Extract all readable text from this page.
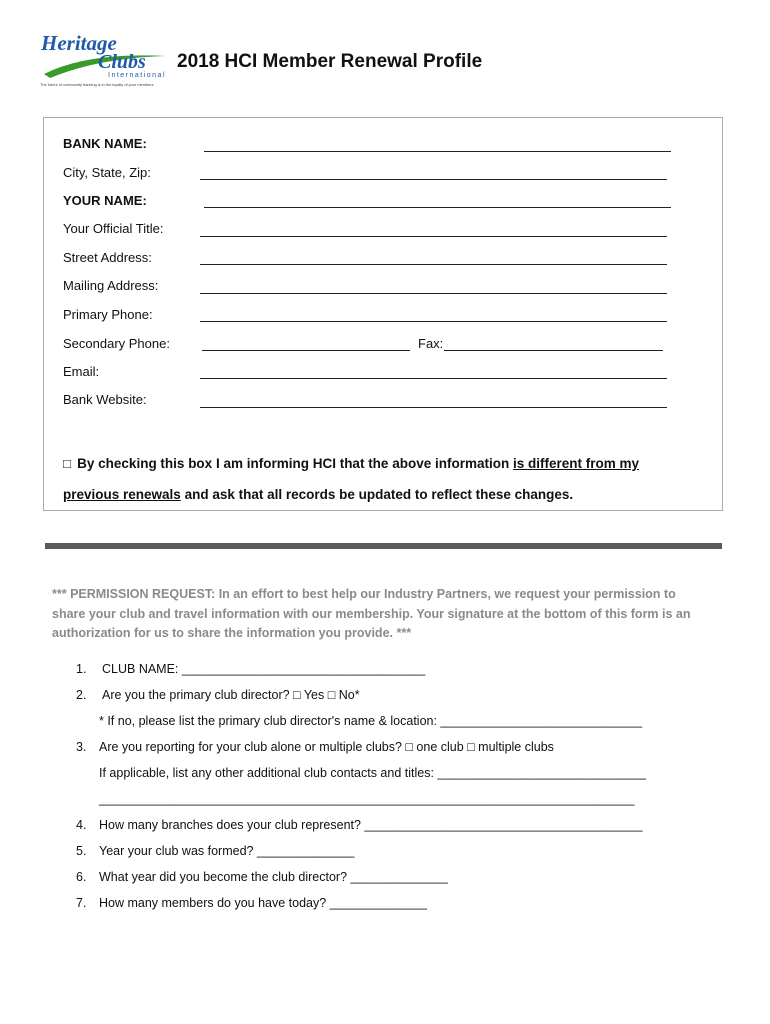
Heritage
Clubs
International
The future of community banking is in the loyalty of your members
2018 HCI Member Renewal Profile
BANK NAME:
City, State, Zip:
YOUR NAME:
Your Official Title:
Street Address:
Mailing Address:
Primary Phone:
Secondary Phone:	Fax:
Email:
Bank Website:
□ By checking this box I am informing HCI that the above information is different from my
previous renewals and ask that all records be updated to reflect these changes.
*** PERMISSION REQUEST: In an effort to best help our Industry Partners, we request your permission to share your club and travel information with our membership. Your signature at the bottom of this form is an authorization for us to share the information you provide. ***
1. CLUB NAME: ___________________________________
2. Are you the primary club director? □ Yes □ No*
* If no, please list the primary club director's name & location: _____________________________
3. Are you reporting for your club alone or multiple clubs? □ one club □ multiple clubs
If applicable, list any other additional club contacts and titles: ______________________________
_____________________________________________________________________________
4. How many branches does your club represent? ________________________________________
5. Year your club was formed? ______________
6. What year did you become the club director? ______________
7. How many members do you have today? ______________
